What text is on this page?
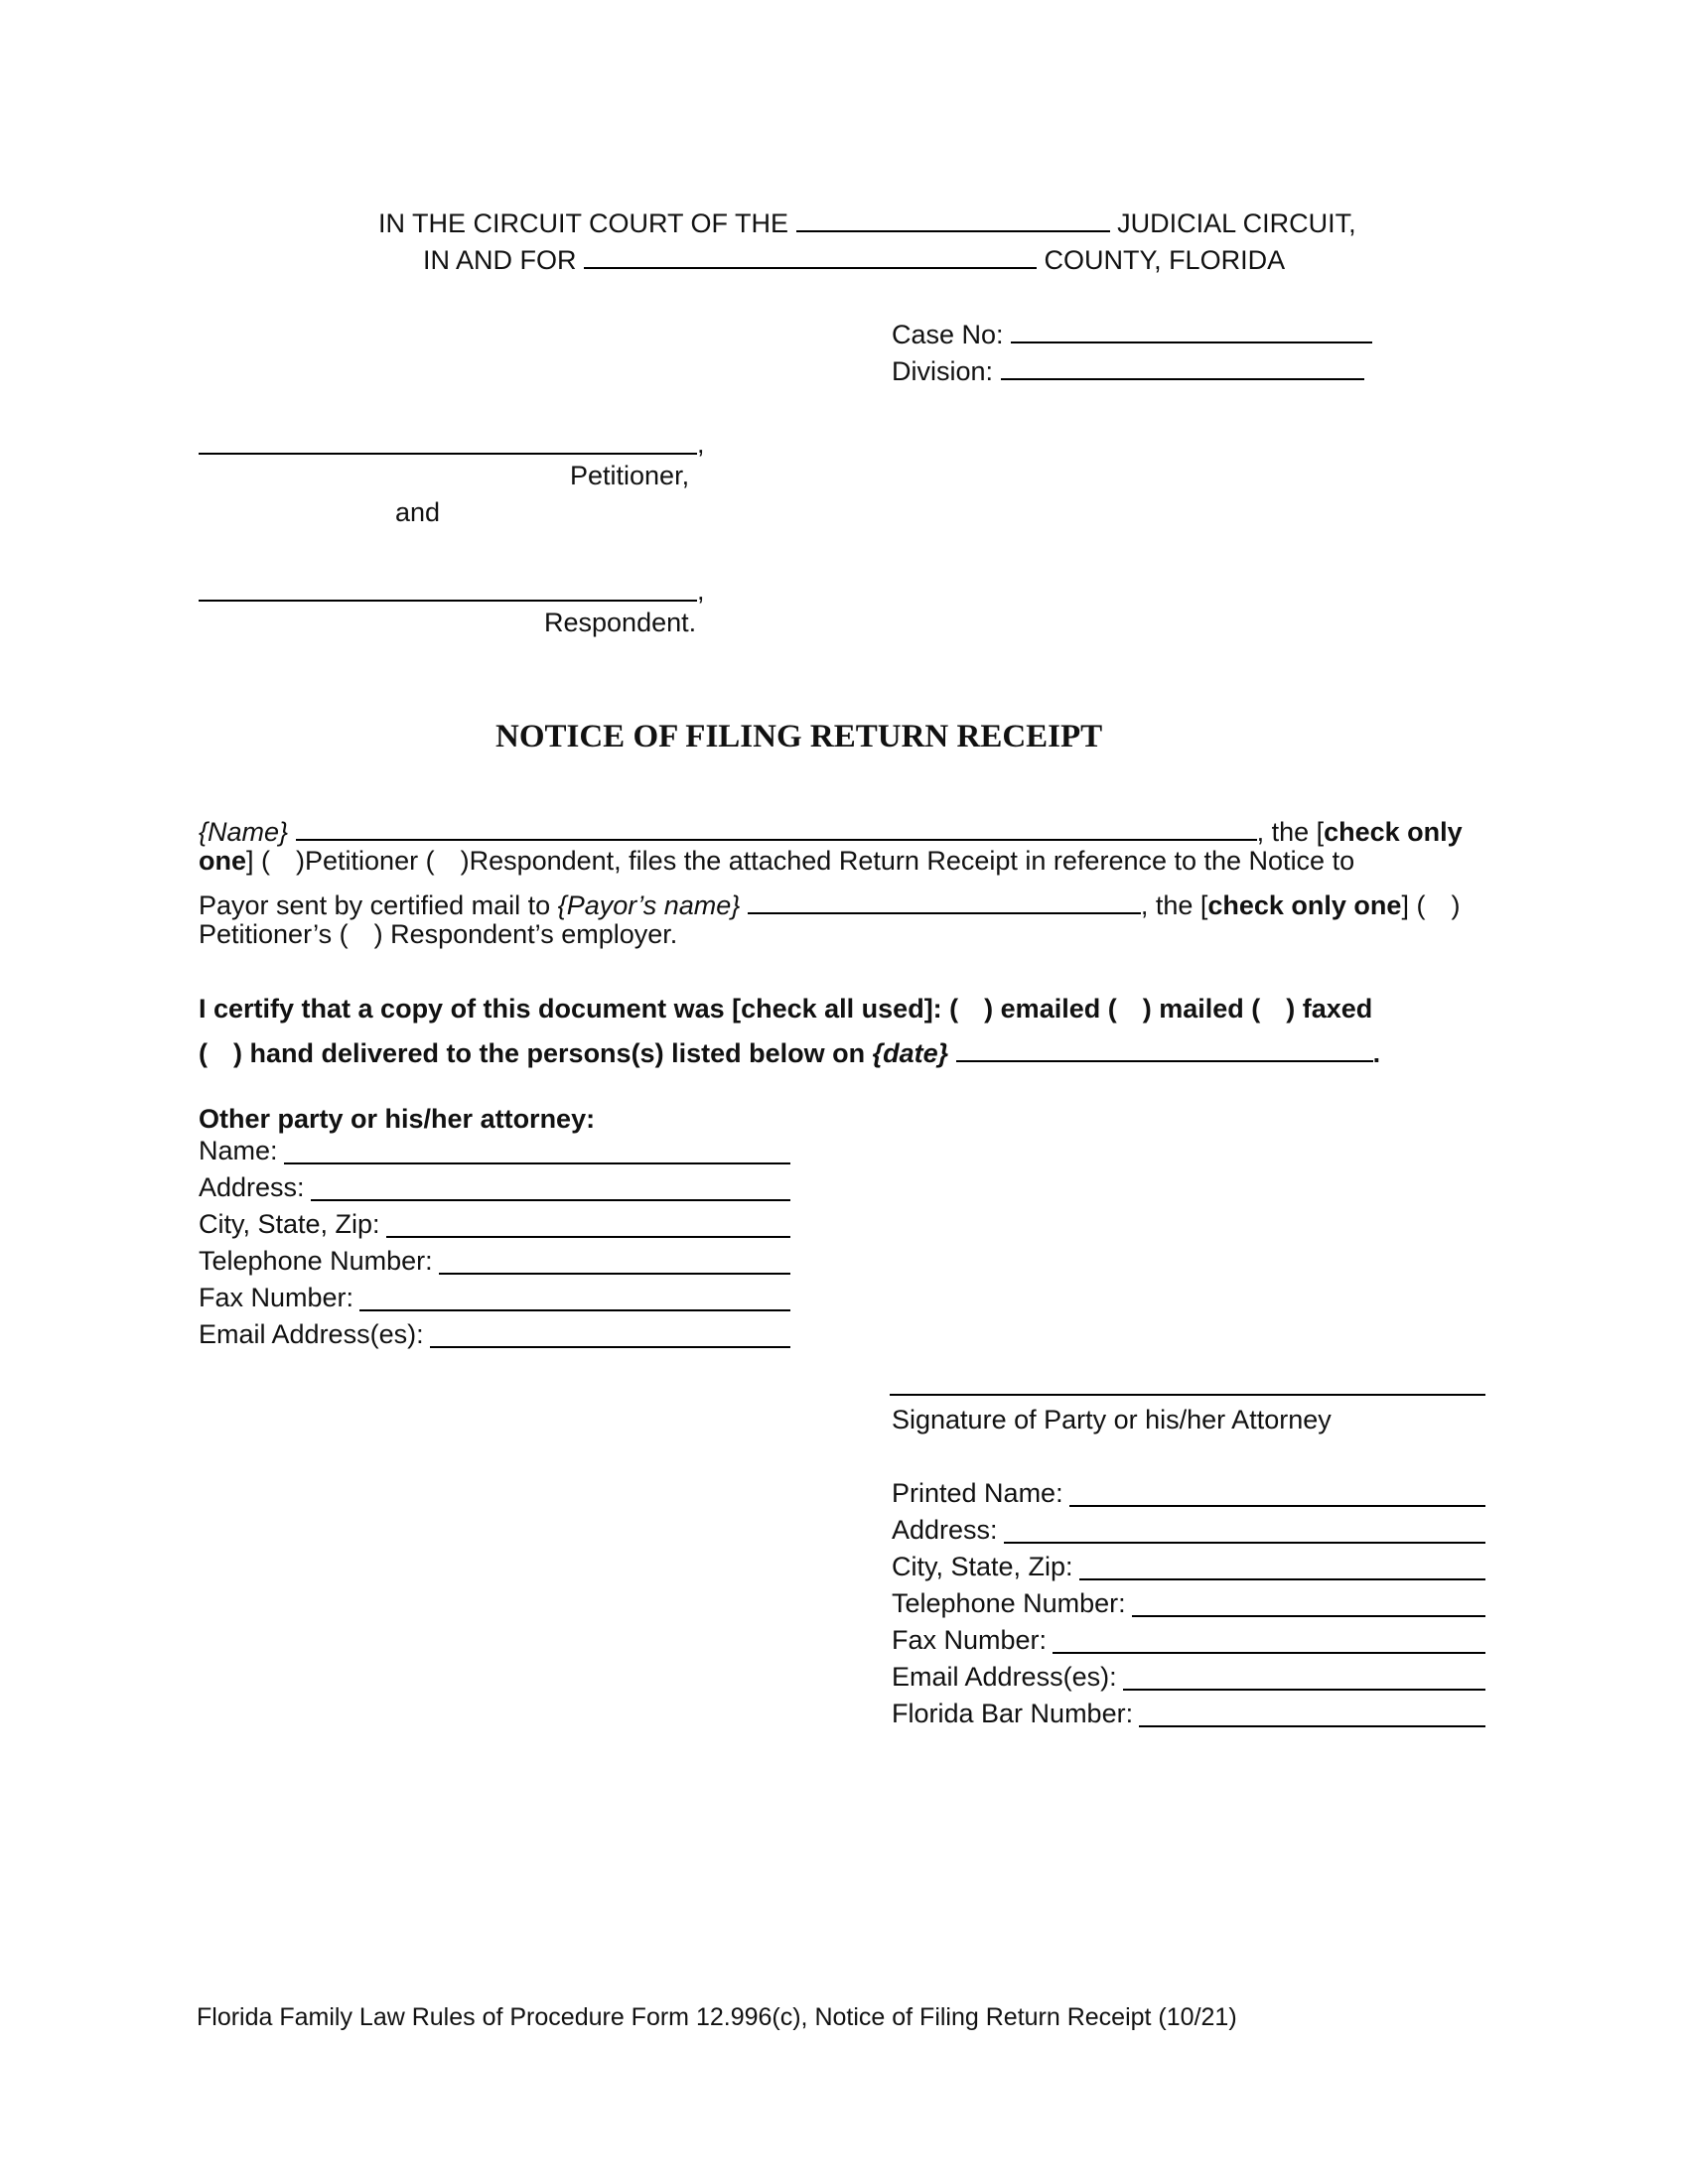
IN THE CIRCUIT COURT OF THE	JUDICIAL CIRCUIT,
IN AND FOR	COUNTY, FLORIDA
Case No:
Division:
,
Petitioner,
and
,
Respondent.
NOTICE OF FILING RETURN RECEIPT
{Name}	, the [check only
one] ( )Petitioner ( )Respondent, files the attached Return Receipt in reference to the Notice to
Payor sent by certified mail to {Payor’s name}	, the [check only one] ( )
Petitioner’s ( ) Respondent’s employer.
I certify that a copy of this document was [check all used]: ( ) emailed ( ) mailed ( ) faxed
( ) hand delivered to the persons(s) listed below on {date}	.
Other party or his/her attorney:
Name:
Address:
City, State, Zip:
Telephone Number:
Fax Number:
Email Address(es):
Signature of Party or his/her Attorney
Printed Name:
Address:
City, State, Zip:
Telephone Number:
Fax Number:
Email Address(es):
Florida Bar Number:
Florida Family Law Rules of Procedure Form 12.996(c), Notice of Filing Return Receipt (10/21)
